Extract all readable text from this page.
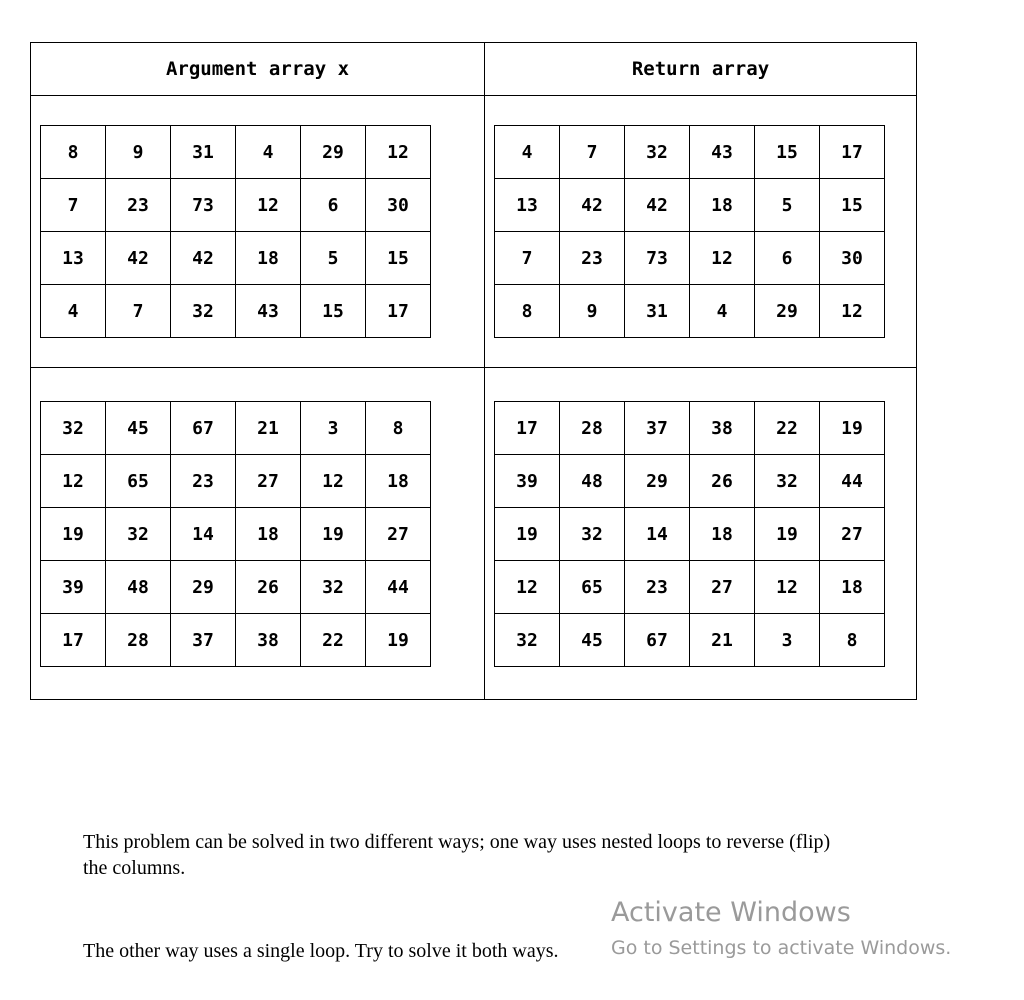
Argument array x	Return array
8	9	31	4	29	12
7	23	73	12	6	30
13	42	42	18	5	15
4	7	32	43	15	17
4	7	32	43	15	17
13	42	42	18	5	15
7	23	73	12	6	30
8	9	31	4	29	12
32	45	67	21	3	8
12	65	23	27	12	18
19	32	14	18	19	27
39	48	29	26	32	44
17	28	37	38	22	19
17	28	37	38	22	19
39	48	29	26	32	44
19	32	14	18	19	27
12	65	23	27	12	18
32	45	67	21	3	8
This problem can be solved in two different ways; one way uses nested loops to reverse (flip)
the columns.
The other way uses a single loop. Try to solve it both ways.
Activate Windows
Go to Settings to activate Windows.
